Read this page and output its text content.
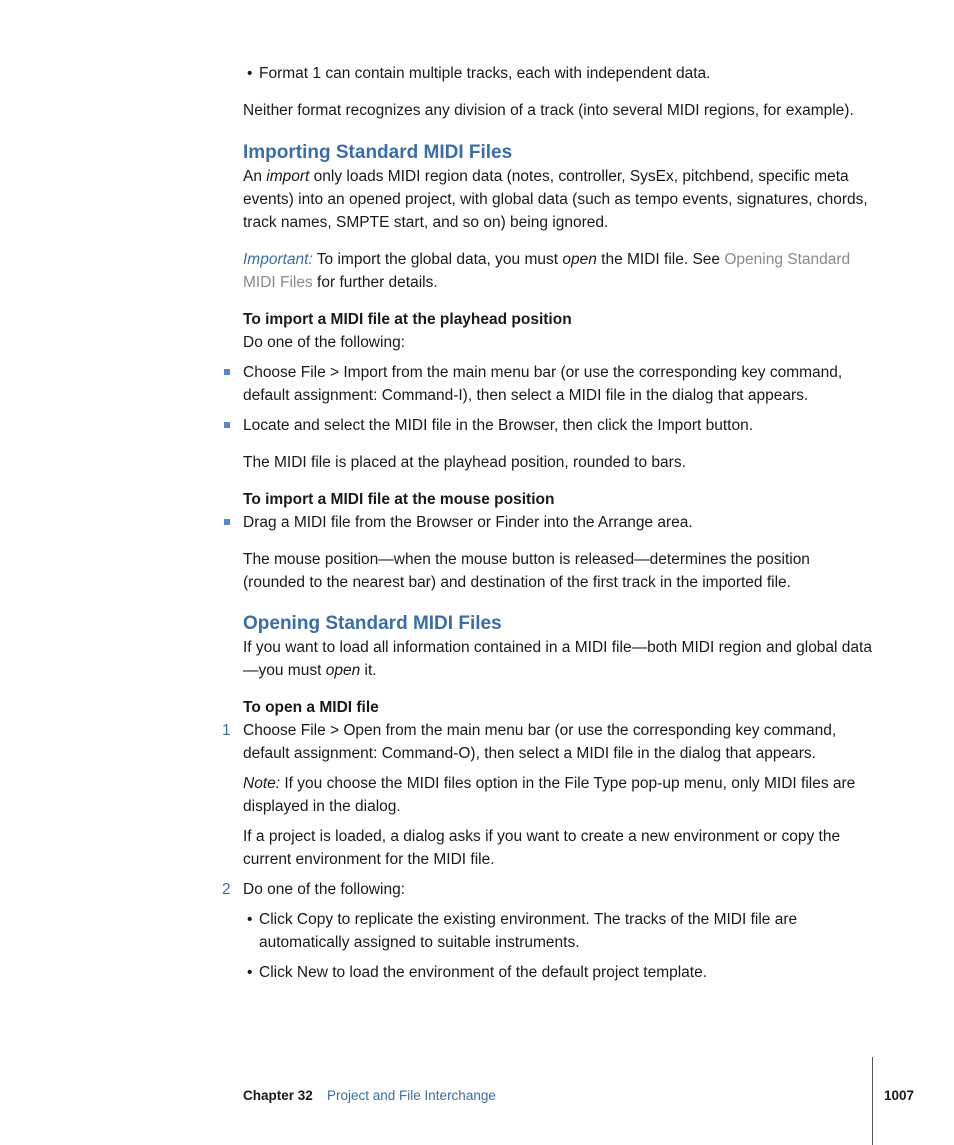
• Format 1 can contain multiple tracks, each with independent data.

Neither format recognizes any division of a track (into several MIDI regions, for example).

Importing Standard MIDI Files

An import only loads MIDI region data (notes, controller, SysEx, pitchbend, specific meta events) into an opened project, with global data (such as tempo events, signatures, chords, track names, SMPTE start, and so on) being ignored.

Important: To import the global data, you must open the MIDI file. See Opening Standard MIDI Files for further details.

To import a MIDI file at the playhead position

Do one of the following:

Choose File > Import from the main menu bar (or use the corresponding key command, default assignment: Command-I), then select a MIDI file in the dialog that appears.

Locate and select the MIDI file in the Browser, then click the Import button.

The MIDI file is placed at the playhead position, rounded to bars.

To import a MIDI file at the mouse position

Drag a MIDI file from the Browser or Finder into the Arrange area.

The mouse position—when the mouse button is released—determines the position (rounded to the nearest bar) and destination of the first track in the imported file.

Opening Standard MIDI Files

If you want to load all information contained in a MIDI file—both MIDI region and global data—you must open it.

To open a MIDI file

1 Choose File > Open from the main menu bar (or use the corresponding key command, default assignment: Command-O), then select a MIDI file in the dialog that appears.

Note: If you choose the MIDI files option in the File Type pop-up menu, only MIDI files are displayed in the dialog.

If a project is loaded, a dialog asks if you want to create a new environment or copy the current environment for the MIDI file.

2 Do one of the following:

• Click Copy to replicate the existing environment. The tracks of the MIDI file are automatically assigned to suitable instruments.

• Click New to load the environment of the default project template.

Chapter 32 Project and File Interchange	1007
